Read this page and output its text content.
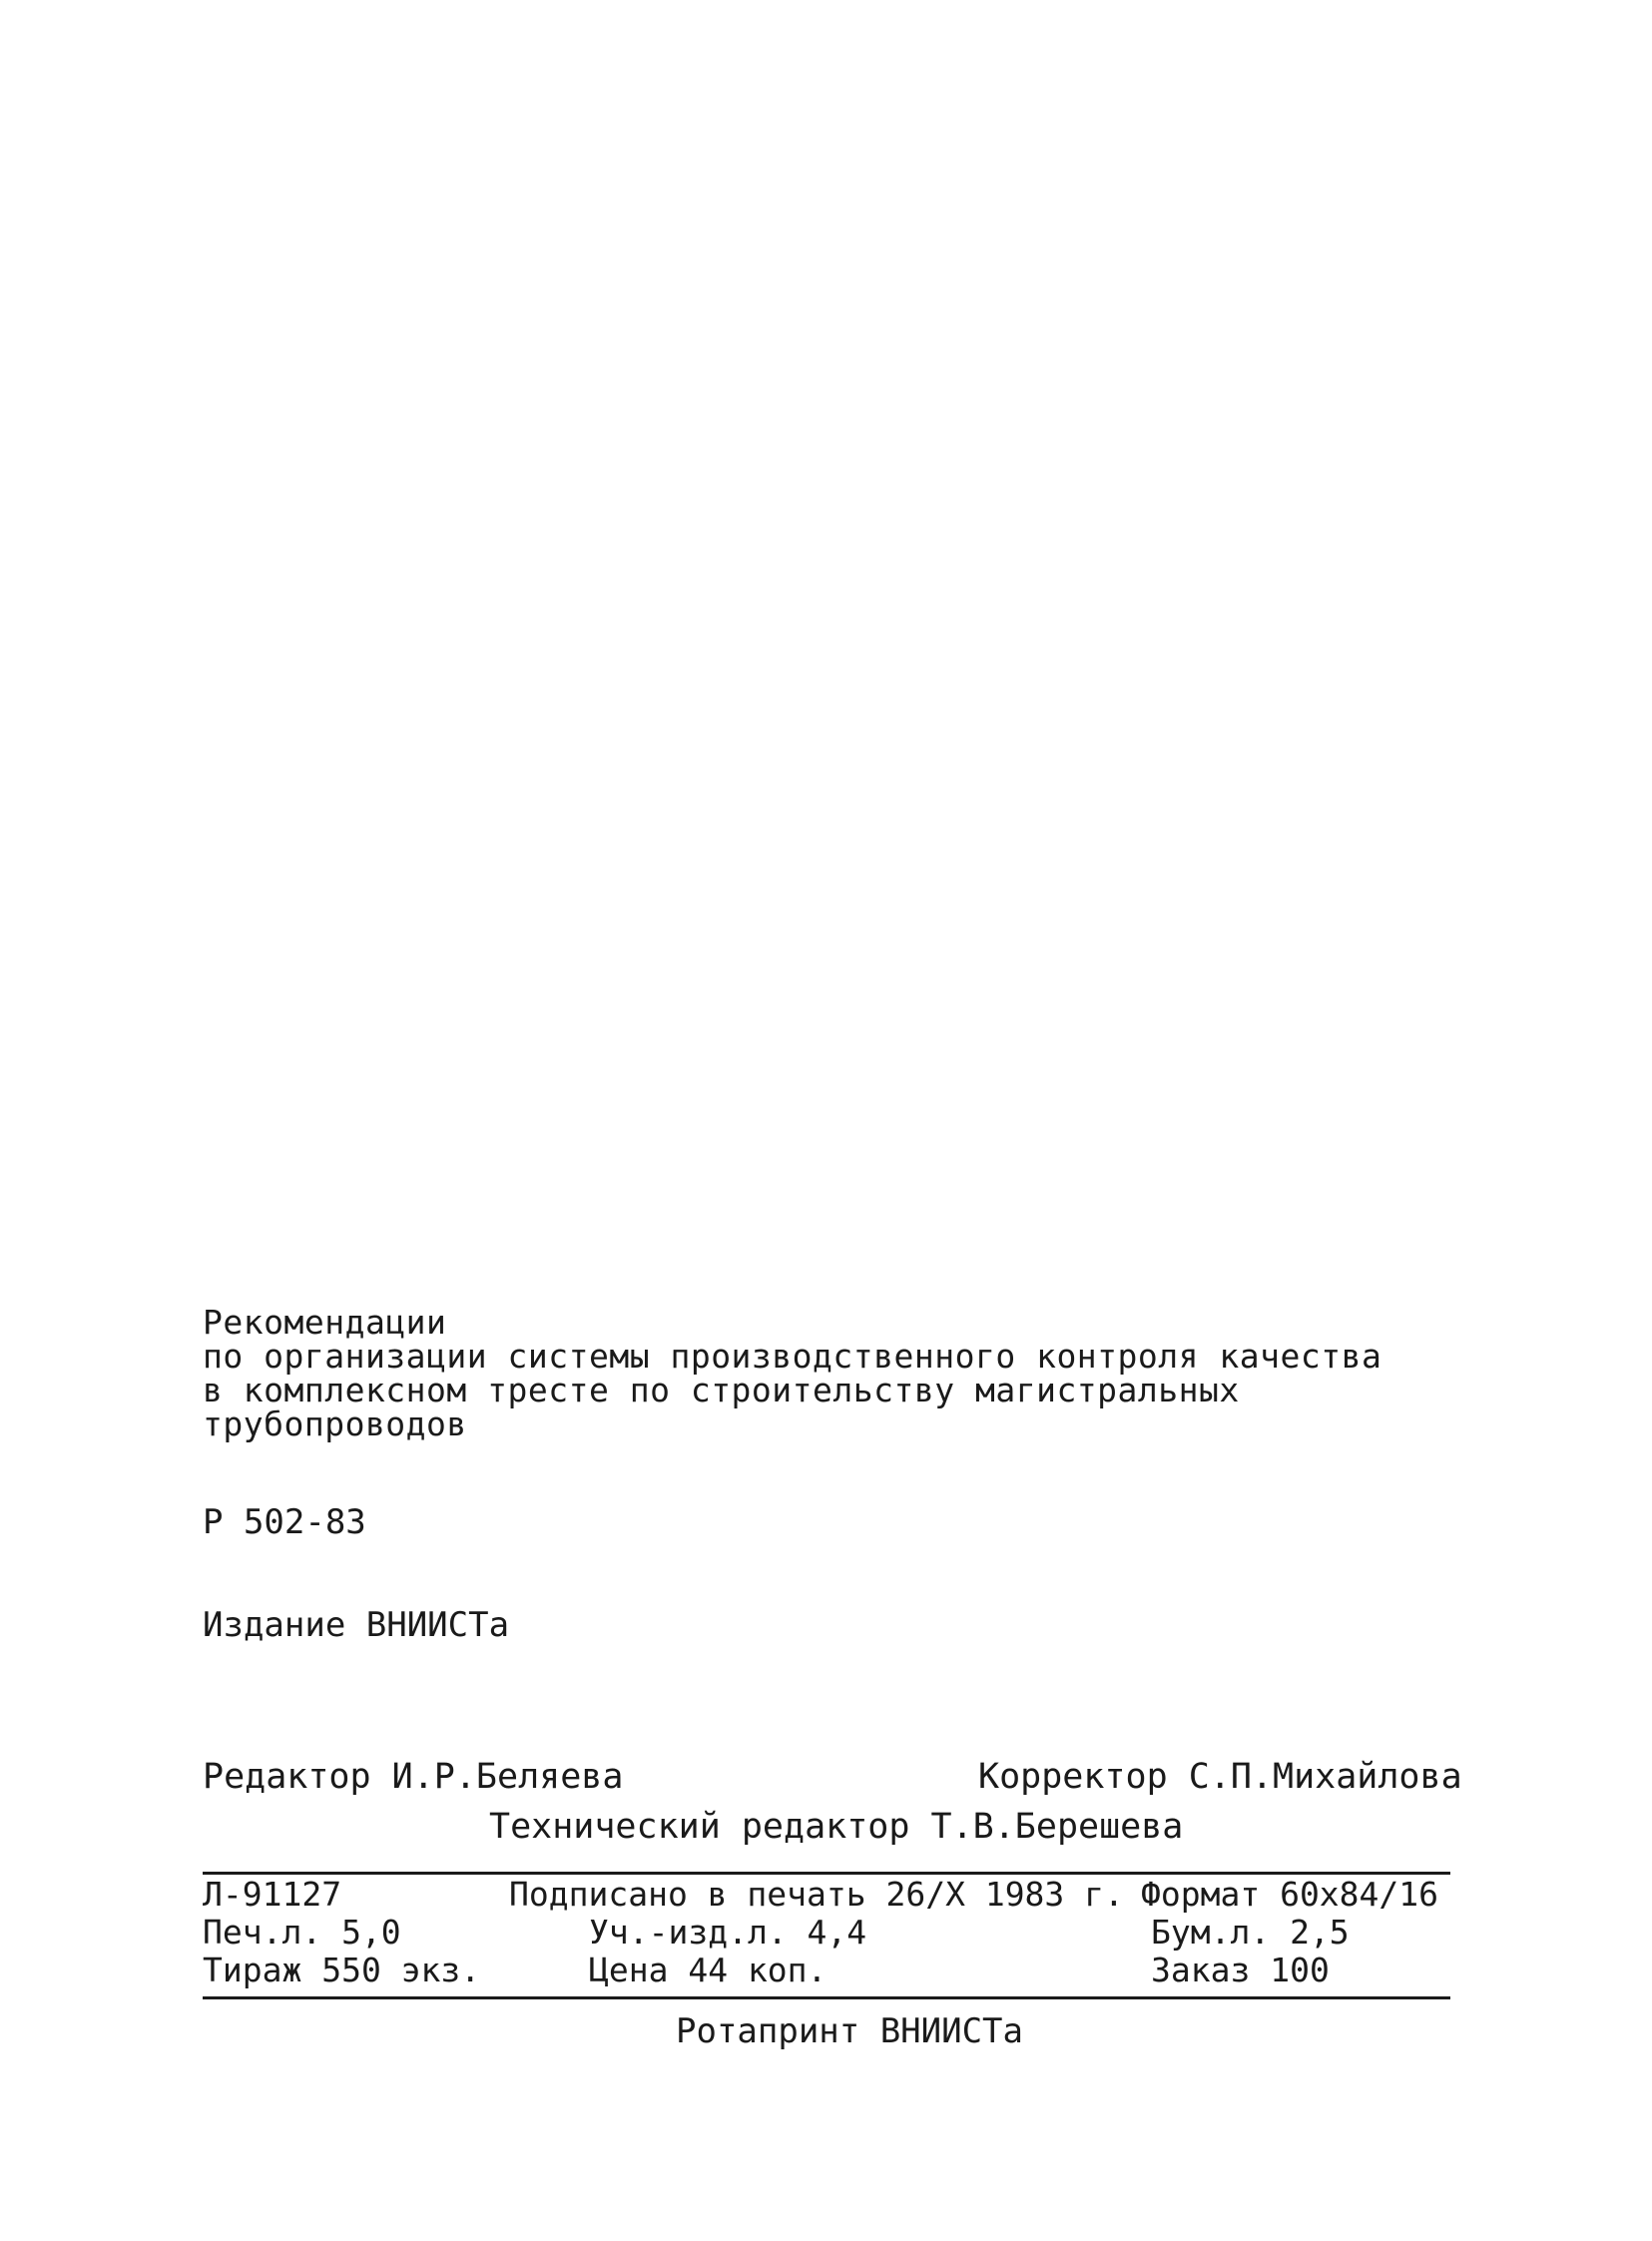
Рекомендации
по организации системы производственного контроля качества
в комплексном тресте по строительству магистральных
трубопроводов
Р 502-83
Издание ВНИИСТа
Редактор И.Р.Беляева	Корректор С.П.Михайлова
Технический редактор Т.В.Берешева
Л-91127	Подписано в печать 26/X 1983 г. Формат 60x84/16
Печ.л. 5,0	Уч.-изд.л. 4,4	Бум.л. 2,5
Тираж 550 экз.	Цена 44 коп.	Заказ 100
Ротапринт ВНИИСТа
